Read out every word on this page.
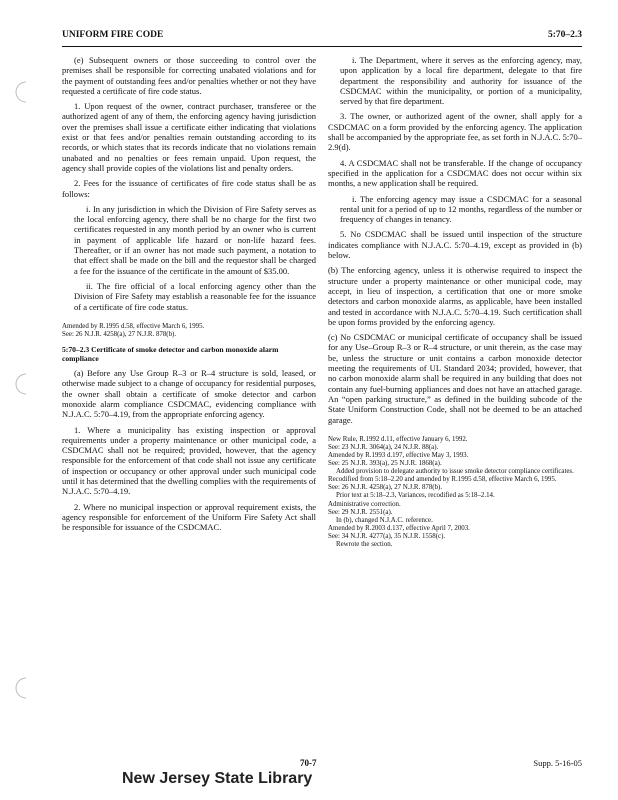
UNIFORM FIRE CODE	5:70–2.3

(e) Subsequent owners or those succeeding to control over the premises shall be responsible for correcting unabated violations and for the payment of outstanding fees and/or penalties whether or not they have requested a certificate of fire code status.

1. Upon request of the owner, contract purchaser, transferee or the authorized agent of any of them, the enforcing agency having jurisdiction over the premises shall issue a certificate either indicating that violations exist or that fees and/or penalties remain outstanding according to its records, or which states that its records indicate that no violations remain unabated and no penalties or fees remain unpaid. Upon request, the agency shall provide copies of the violations list and penalty orders.

2. Fees for the issuance of certificates of fire code status shall be as follows:

i. In any jurisdiction in which the Division of Fire Safety serves as the local enforcing agency, there shall be no charge for the first two certificates requested in any month period by an owner who is current in payment of applicable life hazard or non-life hazard fees. Thereafter, or if an owner has not made such payment, a notation to that effect shall be made on the bill and the requestor shall be charged a fee for the issuance of the certificate in the amount of $35.00.

ii. The fire official of a local enforcing agency other than the Division of Fire Safety may establish a reasonable fee for the issuance of a certificate of fire code status.

Amended by R.1995 d.58, effective March 6, 1995.

See: 26 N.J.R. 4258(a), 27 N.J.R. 878(b).

5:70–2.3 Certificate of smoke detector and carbon monoxide alarm compliance

(a) Before any Use Group R–3 or R–4 structure is sold, leased, or otherwise made subject to a change of occupancy for residential purposes, the owner shall obtain a certificate of smoke detector and carbon monoxide alarm compliance CSDCMAC, evidencing compliance with N.J.A.C. 5:70–4.19, from the appropriate enforcing agency.

1. Where a municipality has existing inspection or approval requirements under a property maintenance or other municipal code, a CSDCMAC shall not be required; provided, however, that the agency responsible for the enforcement of that code shall not issue any certificate of inspection or occupancy or other approval under such municipal code until it has determined that the dwelling complies with the requirements of N.J.A.C. 5:70–4.19.

2. Where no municipal inspection or approval requirement exists, the agency responsible for enforcement of the Uniform Fire Safety Act shall be responsible for issuance of the CSDCMAC.

i. The Department, where it serves as the enforcing agency, may, upon application by a local fire department, delegate to that fire department the responsibility and authority for issuance of the CSDCMAC within the municipality, or portion of a municipality, served by that fire department.

3. The owner, or authorized agent of the owner, shall apply for a CSDCMAC on a form provided by the enforcing agency. The application shall be accompanied by the appropriate fee, as set forth in N.J.A.C. 5:70–2.9(d).

4. A CSDCMAC shall not be transferable. If the change of occupancy specified in the application for a CSDCMAC does not occur within six months, a new application shall be required.

i. The enforcing agency may issue a CSDCMAC for a seasonal rental unit for a period of up to 12 months, regardless of the number or frequency of changes in tenancy.

5. No CSDCMAC shall be issued until inspection of the structure indicates compliance with N.J.A.C. 5:70–4.19, except as provided in (b) below.

(b) The enforcing agency, unless it is otherwise required to inspect the structure under a property maintenance or other municipal code, may accept, in lieu of inspection, a certification that one or more smoke detectors and carbon monoxide alarms, as applicable, have been installed and tested in accordance with N.J.A.C. 5:70–4.19. Such certification shall be upon forms provided by the enforcing agency.

(c) No CSDCMAC or municipal certificate of occupancy shall be issued for any Use–Group R–3 or R–4 structure, or unit therein, as the case may be, unless the structure or unit contains a carbon monoxide detector meeting the requirements of UL Standard 2034; provided, however, that no carbon monoxide alarm shall be required in any building that does not contain any fuel-burning appliances and does not have an attached garage. An “open parking structure,” as defined in the building subcode of the State Uniform Construction Code, shall not be deemed to be an attached garage.

New Rule, R.1992 d.11, effective January 6, 1992.

See: 23 N.J.R. 3064(a), 24 N.J.R. 88(a).

Amended by R.1993 d.197, effective May 3, 1993.

See: 25 N.J.R. 393(a), 25 N.J.R. 1868(a).

Added provision to delegate authority to issue smoke detector compliance certificates.

Recodified from 5:18–2.20 and amended by R.1995 d.58, effective March 6, 1995.

See: 26 N.J.R. 4258(a), 27 N.J.R. 878(b).

Prior text at 5:18–2.3, Variances, recodified as 5:18–2.14.

Administrative correction.

See: 29 N.J.R. 2551(a).

In (b), changed N.J.A.C. reference.

Amended by R.2003 d.137, effective April 7, 2003.

See: 34 N.J.R. 4277(a), 35 N.J.R. 1558(c).

Rewrote the section.

70-7	Supp. 5-16-05
New Jersey State Library
